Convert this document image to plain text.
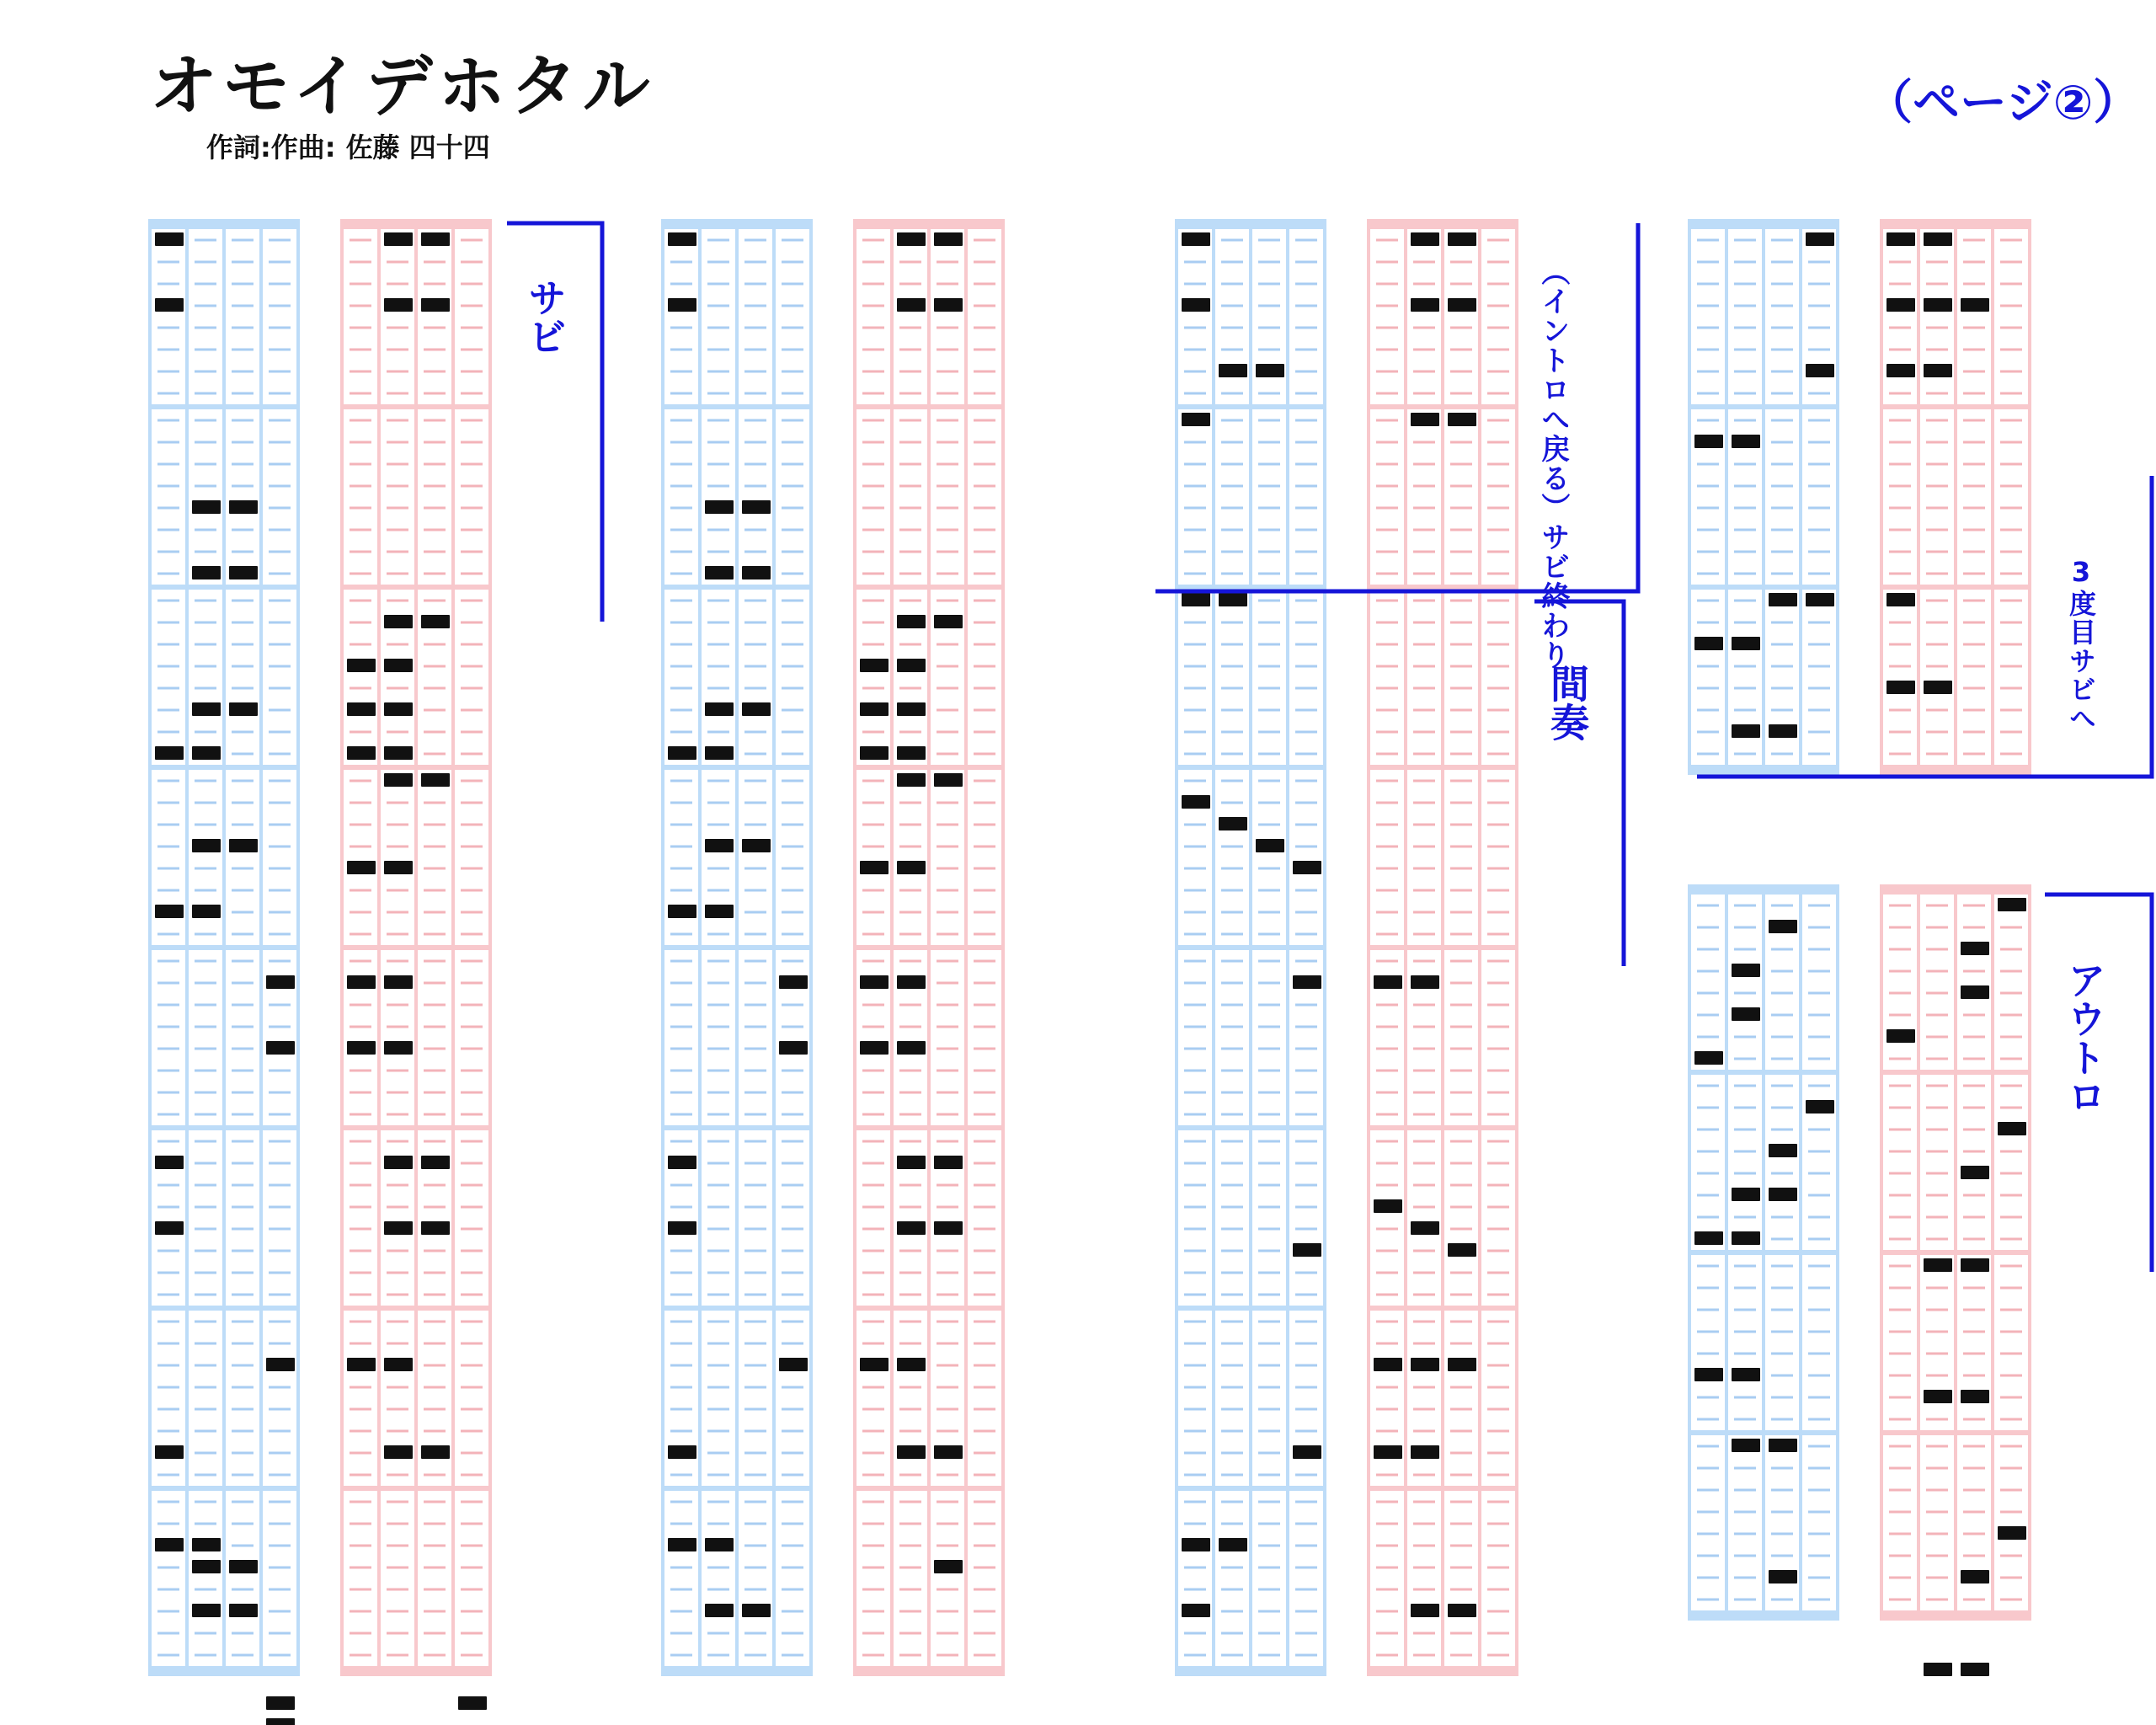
オモイデホタル
作詞:作曲: 佐藤 四十四
（ページ②）
サビ	（イントロへ戻る）サビ終わり
間奏	3度目サビへ
アウトロ
